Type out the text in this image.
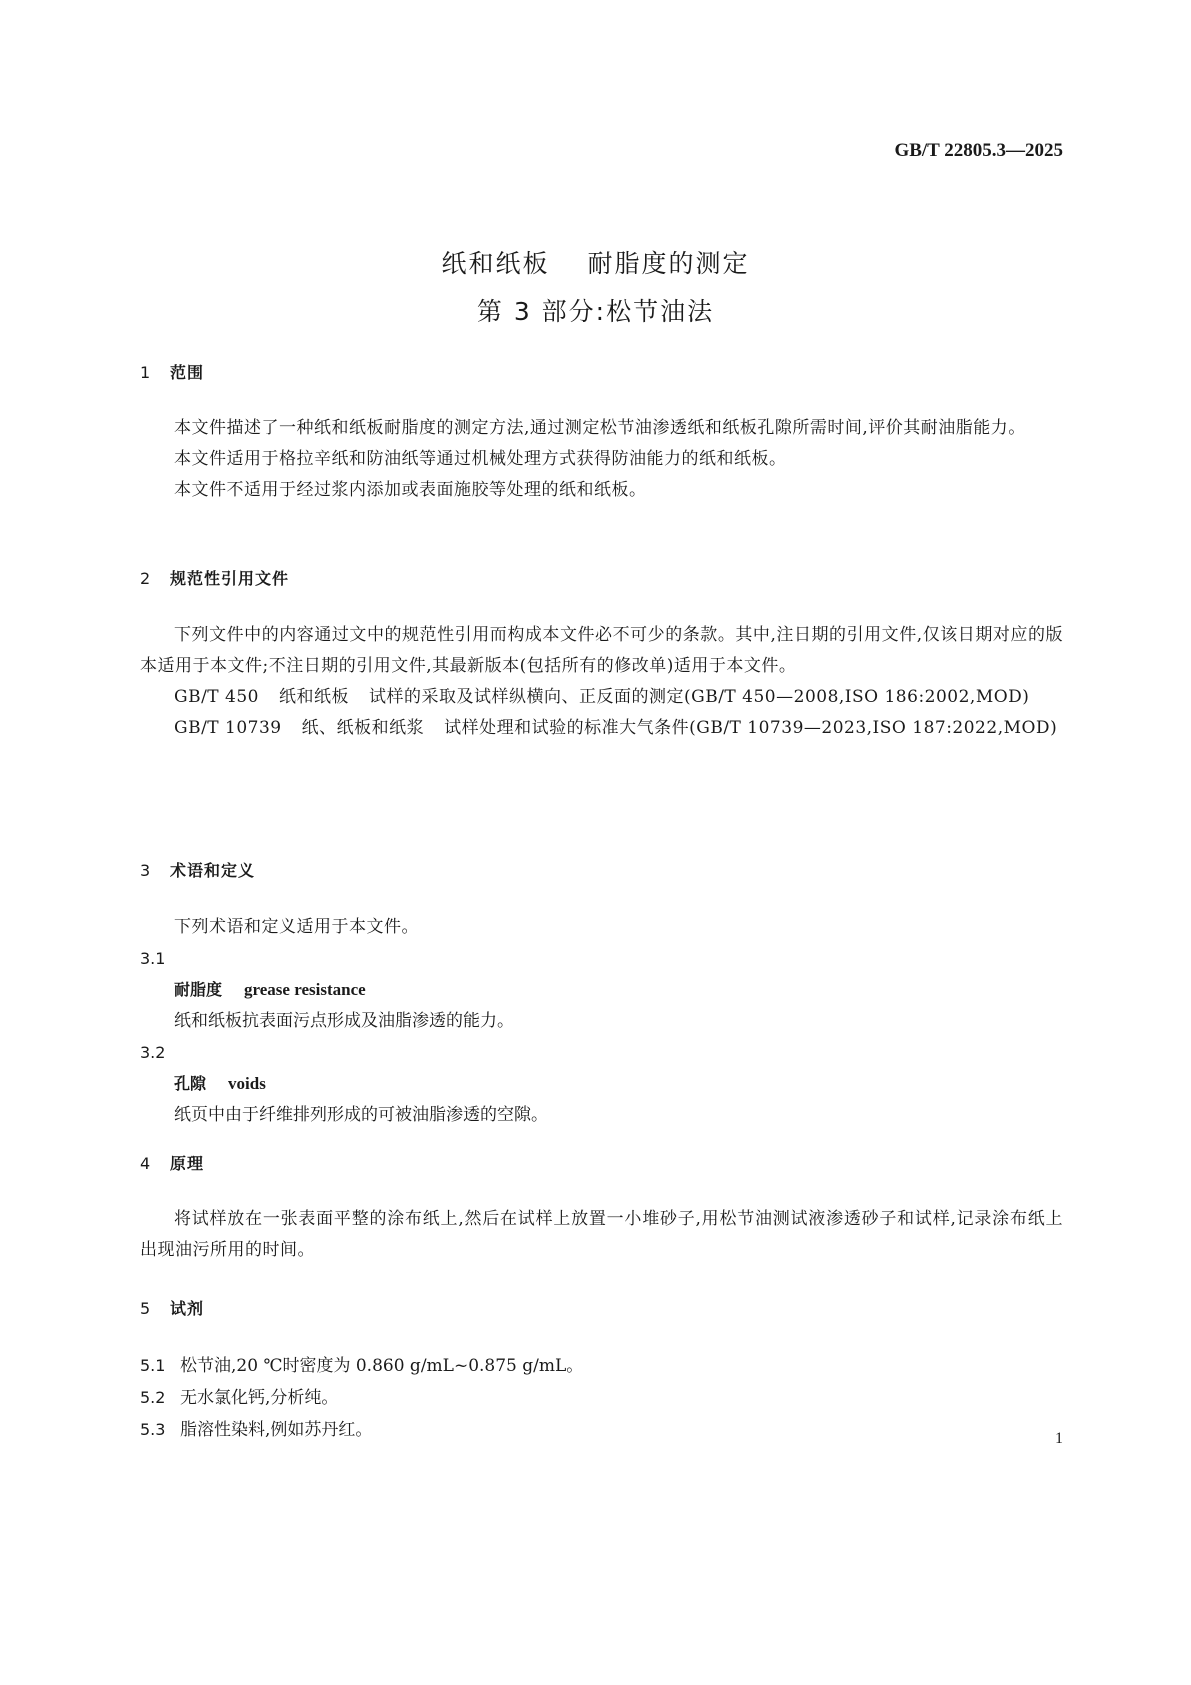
GB/T 22805.3—2025
纸和纸板 耐脂度的测定
第 3 部分:松节油法
1 范围
本文件描述了一种纸和纸板耐脂度的测定方法,通过测定松节油渗透纸和纸板孔隙所需时间,评价其耐油脂能力。
本文件适用于格拉辛纸和防油纸等通过机械处理方式获得防油能力的纸和纸板。
本文件不适用于经过浆内添加或表面施胶等处理的纸和纸板。
2 规范性引用文件
下列文件中的内容通过文中的规范性引用而构成本文件必不可少的条款。其中,注日期的引用文件,仅该日期对应的版本适用于本文件;不注日期的引用文件,其最新版本(包括所有的修改单)适用于本文件。
GB/T 450 纸和纸板 试样的采取及试样纵横向、正反面的测定(GB/T 450—2008,ISO 186:2002,MOD)
GB/T 10739 纸、纸板和纸浆 试样处理和试验的标准大气条件(GB/T 10739—2023,ISO 187:2022,MOD)
3 术语和定义
下列术语和定义适用于本文件。
3.1
耐脂度 grease resistance
纸和纸板抗表面污点形成及油脂渗透的能力。
3.2
孔隙 voids
纸页中由于纤维排列形成的可被油脂渗透的空隙。
4 原理
将试样放在一张表面平整的涂布纸上,然后在试样上放置一小堆砂子,用松节油测试液渗透砂子和试样,记录涂布纸上出现油污所用的时间。
5 试剂
5.1 松节油,20 ℃时密度为 0.860 g/mL~0.875 g/mL。
5.2 无水氯化钙,分析纯。
5.3 脂溶性染料,例如苏丹红。	1
